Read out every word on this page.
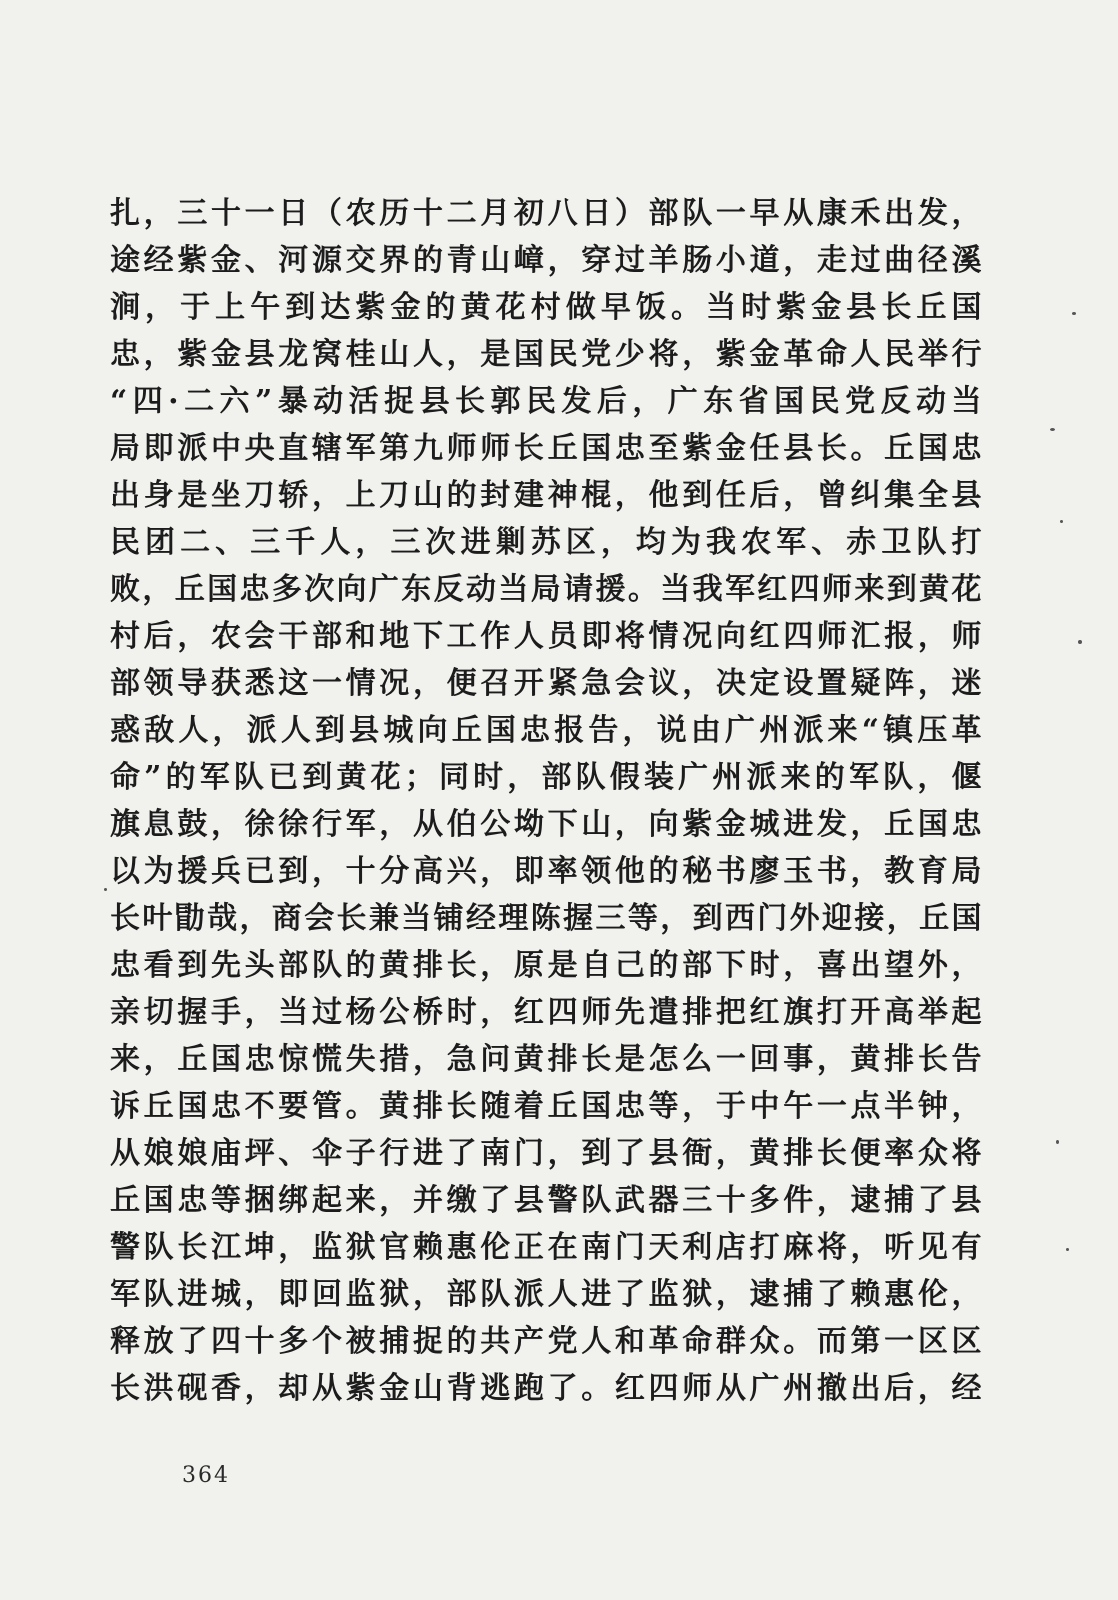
扎，三十一日（农历十二月初八日）部队一早从康禾出发，
途经紫金、河源交界的青山嶂，穿过羊肠小道，走过曲径溪
涧，于上午到达紫金的黄花村做早饭。当时紫金县长丘国
忠，紫金县龙窝桂山人，是国民党少将，紫金革命人民举行
“四·二六”暴动活捉县长郭民发后，广东省国民党反动当
局即派中央直辖军第九师师长丘国忠至紫金任县长。丘国忠
出身是坐刀轿，上刀山的封建神棍，他到任后，曾纠集全县
民团二、三千人，三次进剿苏区，均为我农军、赤卫队打
败，丘国忠多次向广东反动当局请援。当我军红四师来到黄花
村后，农会干部和地下工作人员即将情况向红四师汇报，师
部领导获悉这一情况，便召开紧急会议，决定设置疑阵，迷
惑敌人，派人到县城向丘国忠报告，说由广州派来“镇压革
命”的军队已到黄花；同时，部队假装广州派来的军队，偃
旗息鼓，徐徐行军，从伯公坳下山，向紫金城进发，丘国忠
以为援兵已到，十分高兴，即率领他的秘书廖玉书，教育局
长叶勖哉，商会长兼当铺经理陈握三等，到西门外迎接，丘国
忠看到先头部队的黄排长，原是自己的部下时，喜出望外，
亲切握手，当过杨公桥时，红四师先遣排把红旗打开高举起
来，丘国忠惊慌失措，急问黄排长是怎么一回事，黄排长告
诉丘国忠不要管。黄排长随着丘国忠等，于中午一点半钟，
从娘娘庙坪、伞子行进了南门，到了县衙，黄排长便率众将
丘国忠等捆绑起来，并缴了县警队武器三十多件，逮捕了县
警队长江坤，监狱官赖惠伦正在南门天利店打麻将，听见有
军队进城，即回监狱，部队派人进了监狱，逮捕了赖惠伦，
释放了四十多个被捕捉的共产党人和革命群众。而第一区区
长洪砚香，却从紫金山背逃跑了。红四师从广州撤出后，经
364
